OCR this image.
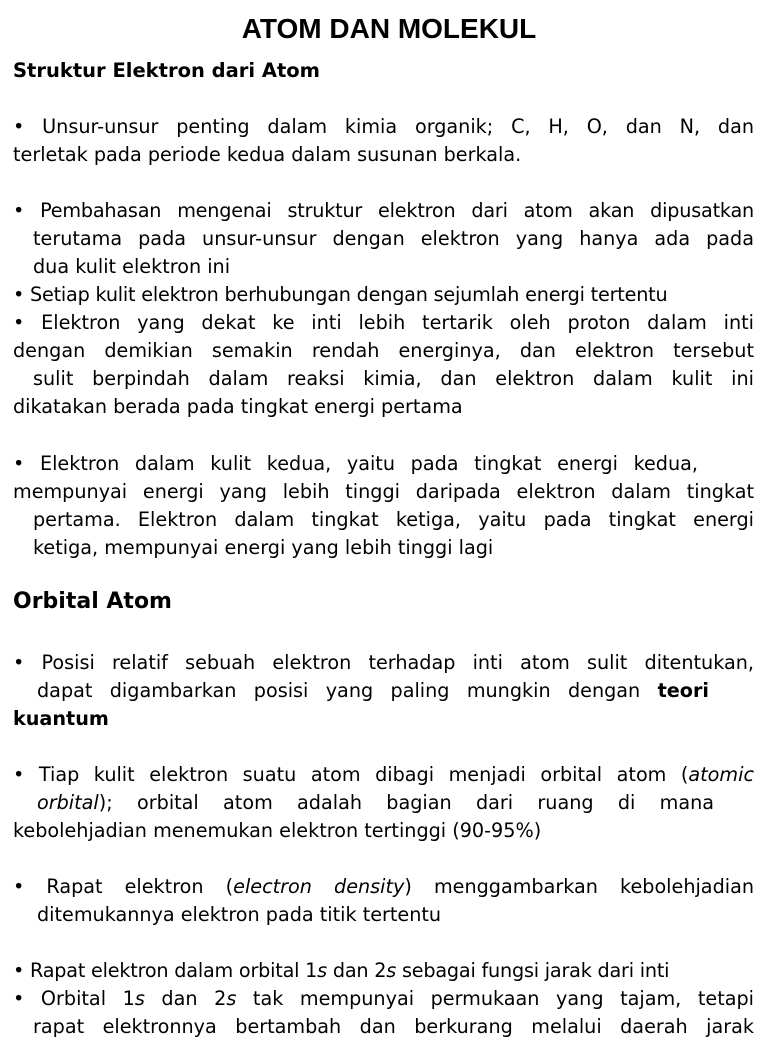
ATOM DAN MOLEKUL
Struktur Elektron dari Atom
• Unsur-unsur penting dalam kimia organik; C, H, O, dan N, dan
terletak pada periode kedua dalam susunan berkala.
• Pembahasan mengenai struktur elektron dari atom akan dipusatkan
terutama pada unsur-unsur dengan elektron yang hanya ada pada
dua kulit elektron ini
• Setiap kulit elektron berhubungan dengan sejumlah energi tertentu
• Elektron yang dekat ke inti lebih tertarik oleh proton dalam inti
dengan demikian semakin rendah energinya, dan elektron tersebut
sulit berpindah dalam reaksi kimia, dan elektron dalam kulit ini
dikatakan berada pada tingkat energi pertama
• Elektron dalam kulit kedua, yaitu pada tingkat energi kedua,
mempunyai energi yang lebih tinggi daripada elektron dalam tingkat
pertama. Elektron dalam tingkat ketiga, yaitu pada tingkat energi
ketiga, mempunyai energi yang lebih tinggi lagi
Orbital Atom
• Posisi relatif sebuah elektron terhadap inti atom sulit ditentukan,
dapat digambarkan posisi yang paling mungkin dengan teori
kuantum
• Tiap kulit elektron suatu atom dibagi menjadi orbital atom (atomic
orbital); orbital atom adalah bagian dari ruang di mana
kebolehjadian menemukan elektron tertinggi (90-95%)
• Rapat elektron (electron density) menggambarkan kebolehjadian
ditemukannya elektron pada titik tertentu
• Rapat elektron dalam orbital 1s dan 2s sebagai fungsi jarak dari inti
• Orbital 1s dan 2s tak mempunyai permukaan yang tajam, tetapi
rapat elektronnya bertambah dan berkurang melalui daerah jarak
